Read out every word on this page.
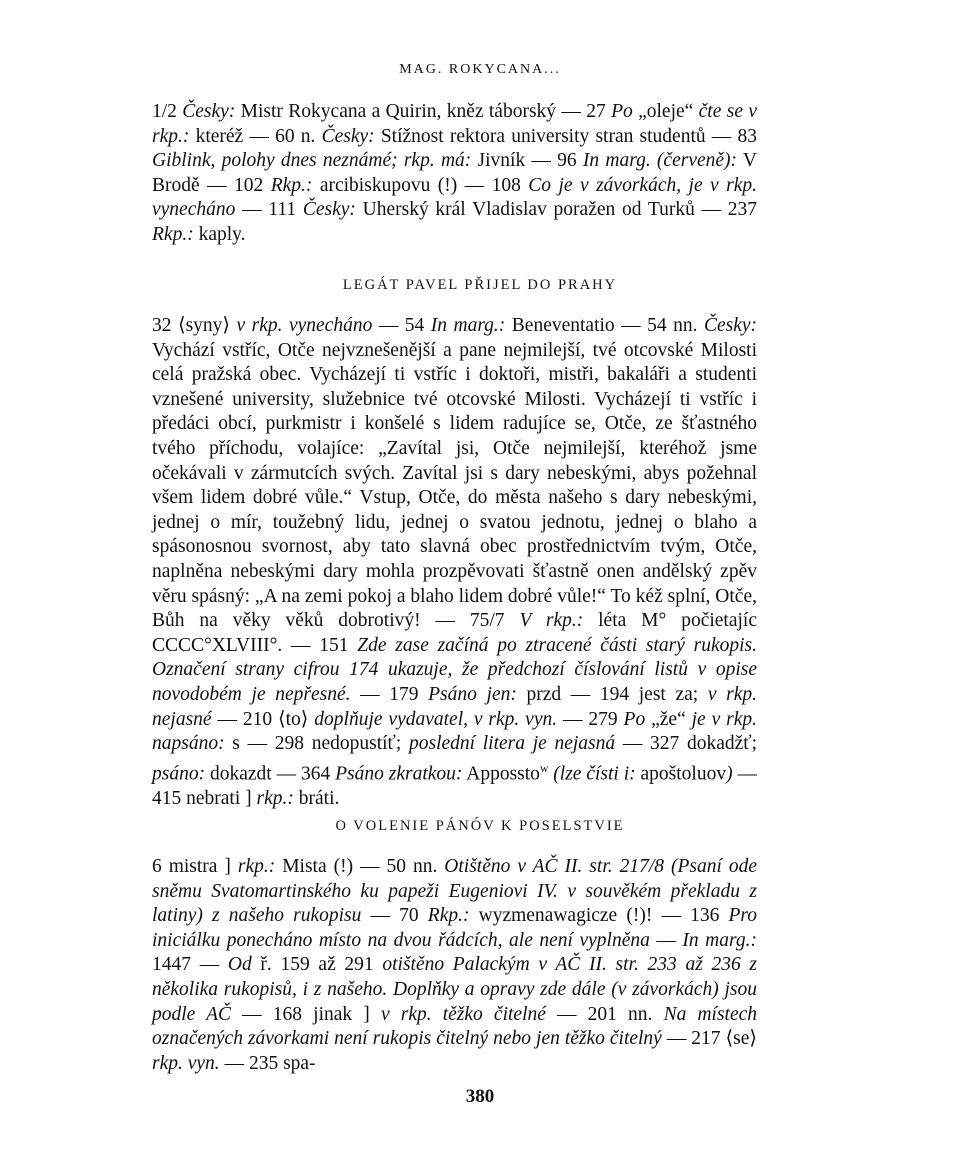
MAG. ROKYCANA...

1/2 Česky: Mistr Rokycana a Quirin, kněz táborský — 27 Po „oleje“ čte se v rkp.: kteréž — 60 n. Česky: Stížnost rektora university stran studentů — 83 Giblink, polohy dnes neznámé; rkp. má: Jivník — 96 In marg. (červeně): V Brodě — 102 Rkp.: arcibiskupovu (!) — 108 Co je v závorkách, je v rkp. vynecháno — 111 Česky: Uherský král Vladislav poražen od Turků — 237 Rkp.: kaply.

LEGÁT PAVEL PŘIJEL DO PRAHY

32 ⟨syny⟩ v rkp. vynecháno — 54 In marg.: Beneventatio — 54 nn. Česky: Vychází vstříc, Otče nejvznešenější a pane nejmilejší, tvé otcovské Milosti celá pražská obec. Vycházejí ti vstříc i doktoři, mistři, bakaláři a studenti vznešené university, služebnice tvé otcovské Milosti. Vycházejí ti vstříc i předáci obcí, purkmistr i konšelé s lidem radujíce se, Otče, ze šťastného tvého příchodu, volajíce: „Zavítal jsi, Otče nejmilejší, kteréhož jsme očekávali v zármutcích svých. Zavítal jsi s dary nebeskými, abys požehnal všem lidem dobré vůle.“ Vstup, Otče, do města našeho s dary nebeskými, jednej o mír, toužebný lidu, jednej o svatou jednotu, jednej o blaho a spásonosnou svornost, aby tato slavná obec prostřednictvím tvým, Otče, naplněna nebeskými dary mohla prozpěvovati šťastně onen andělský zpěv věru spásný: „A na zemi pokoj a blaho lidem dobré vůle!“ To kéž splní, Otče, Bůh na věky věků dobrotivý! — 75/7 V rkp.: léta M° počietajíc CCCC°XLVIII°. — 151 Zde zase začíná po ztracené části starý rukopis. Označení strany cifrou 174 ukazuje, že předchozí číslování listů v opise novodobém je nepřesné. — 179 Psáno jen: przd — 194 jest za; v rkp. nejasné — 210 ⟨to⟩ doplňuje vydavatel, v rkp. vyn. — 279 Po „že“ je v rkp. napsáno: s — 298 nedopustíť; poslední litera je nejasná — 327 dokadžť; psáno: dokazdt — 364 Psáno zkratkou: Appossto$^w$ (lze čísti i: apoštoluov) — 415 nebrati ] rkp.: bráti.

O VOLENIE PÁNÓV K POSELSTVIE

6 mistra ] rkp.: Mista (!) — 50 nn. Otištěno v AČ II. str. 217/8 (Psaní ode sněmu Svatomartinského ku papeži Eugeniovi IV. v souvěkém překladu z latiny) z našeho rukopisu — 70 Rkp.: wyzmenawagicze (!)! — 136 Pro iniciálku ponecháno místo na dvou řádcích, ale není vyplněna — In marg.: 1447 — Od ř. 159 až 291 otištěno Palackým v AČ II. str. 233 až 236 z několika rukopisů, i z našeho. Doplňky a opravy zde dále (v závorkách) jsou podle AČ — 168 jinak ] v rkp. těžko čitelné — 201 nn. Na místech označených závorkami není rukopis čitelný nebo jen těžko čitelný — 217 ⟨se⟩ rkp. vyn. — 235 spa-

380
